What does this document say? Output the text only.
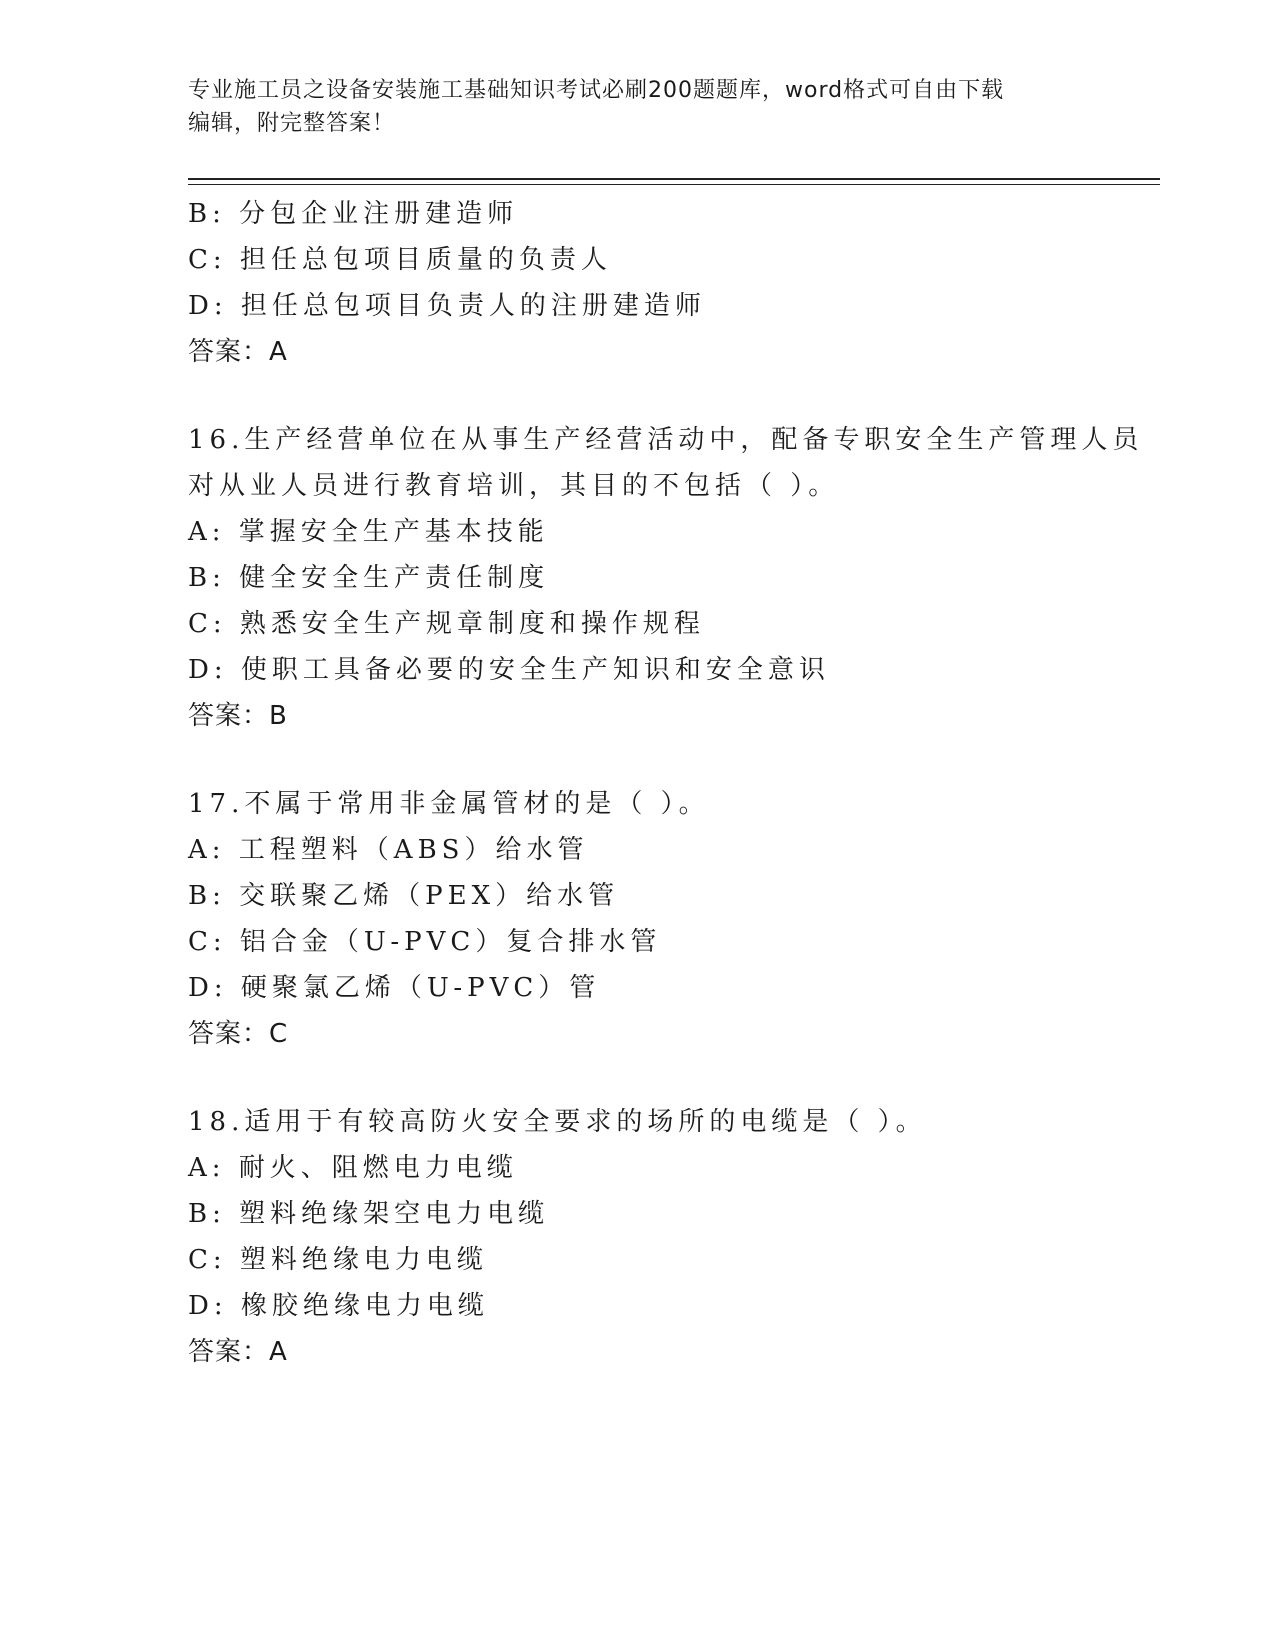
专业施工员之设备安装施工基础知识考试必刷200题题库，word格式可自由下载
编辑，附完整答案！
B: 分包企业注册建造师
C: 担任总包项目质量的负责人
D: 担任总包项目负责人的注册建造师
答案：A
16.生产经营单位在从事生产经营活动中，配备专职安全生产管理人员
对从业人员进行教育培训，其目的不包括（ ）。
A: 掌握安全生产基本技能
B: 健全安全生产责任制度
C: 熟悉安全生产规章制度和操作规程
D: 使职工具备必要的安全生产知识和安全意识
答案：B
17.不属于常用非金属管材的是（ ）。
A: 工程塑料（ABS）给水管
B: 交联聚乙烯（PEX）给水管
C: 铝合金（U-PVC）复合排水管
D: 硬聚氯乙烯（U-PVC）管
答案：C
18.适用于有较高防火安全要求的场所的电缆是（ ）。
A: 耐火、阻燃电力电缆
B: 塑料绝缘架空电力电缆
C: 塑料绝缘电力电缆
D: 橡胶绝缘电力电缆
答案：A
